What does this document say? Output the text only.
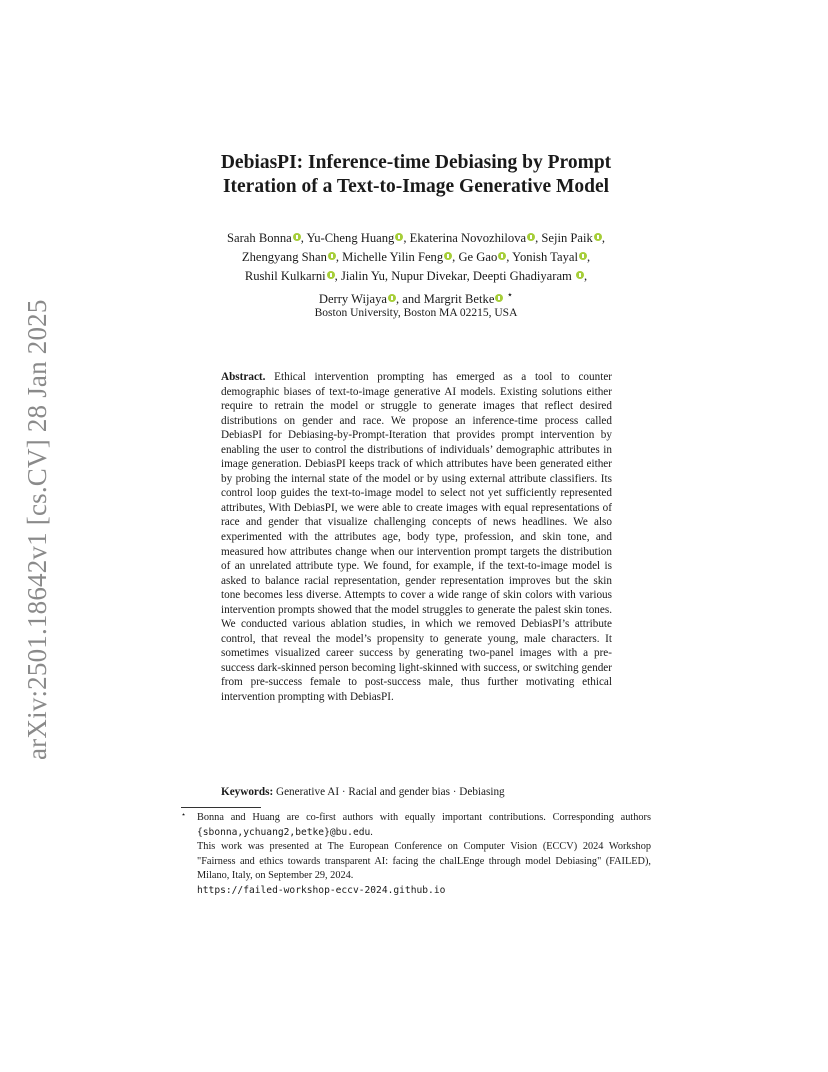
arXiv:2501.18642v1 [cs.CV] 28 Jan 2025
DebiasPI: Inference-time Debiasing by Prompt
Iteration of a Text-to-Image Generative Model
Sarah Bonna , Yu-Cheng Huang , Ekaterina Novozhilova , Sejin Paik ,
Zhengyang Shan , Michelle Yilin Feng , Ge Gao , Yonish Tayal ,
Rushil Kulkarni , Jialin Yu, Nupur Divekar, Deepti Ghadiyaram ,
Derry Wijaya , and Margrit Betke ⋆
Boston University, Boston MA 02215, USA
Abstract. Ethical intervention prompting has emerged as a tool to counter demographic biases of text-to-image generative AI models. Existing solutions either require to retrain the model or struggle to generate images that reflect desired distributions on gender and race. We propose an inference-time process called DebiasPI for Debiasing-by-Prompt-Iteration that provides prompt intervention by enabling the user to control the distributions of individuals’ demographic attributes in image generation. DebiasPI keeps track of which attributes have been generated either by probing the internal state of the model or by using external attribute classifiers. Its control loop guides the text-to-image model to select not yet sufficiently represented attributes, With DebiasPI, we were able to create images with equal representations of race and gender that visualize challenging concepts of news headlines. We also experimented with the attributes age, body type, profession, and skin tone, and measured how attributes change when our intervention prompt targets the distribution of an unrelated attribute type. We found, for example, if the text-to-image model is asked to balance racial representation, gender representation improves but the skin tone becomes less diverse. Attempts to cover a wide range of skin colors with various intervention prompts showed that the model struggles to generate the palest skin tones. We conducted various ablation studies, in which we removed DebiasPI’s attribute control, that reveal the model’s propensity to generate young, male characters. It sometimes visualized career success by generating two-panel images with a pre-success dark-skinned person becoming light-skinned with success, or switching gender from pre-success female to post-success male, thus further motivating ethical intervention prompting with DebiasPI.
Keywords: Generative AI · Racial and gender bias · Debiasing
⋆	Bonna and Huang are co-first authors with equally important contributions. Corresponding authors {sbonna,ychuang2,betke}@bu.edu.
This work was presented at The European Conference on Computer Vision (ECCV) 2024 Workshop "Fairness and ethics towards transparent AI: facing the chalLEnge through model Debiasing" (FAILED), Milano, Italy, on September 29, 2024.
https://failed-workshop-eccv-2024.github.io
